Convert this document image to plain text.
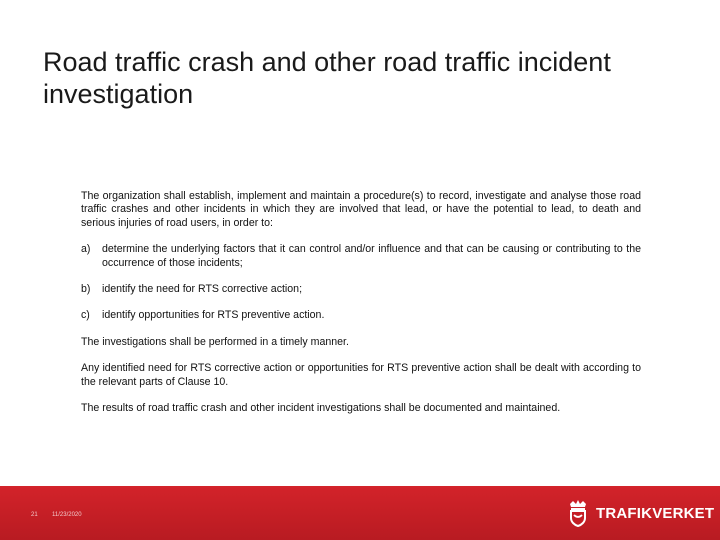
Road traffic crash and other road traffic incident investigation

The organization shall establish, implement and maintain a procedure(s) to record, investigate and analyse those road traffic crashes and other incidents in which they are involved that lead, or have the potential to lead, to death and serious injuries of road users, in order to:

a)	determine the underlying factors that it can control and/or influence and that can be causing or contributing to the occurrence of those incidents;
b)	identify the need for RTS corrective action;
c)	identify opportunities for RTS preventive action.

The investigations shall be performed in a timely manner.

Any identified need for RTS corrective action or opportunities for RTS preventive action shall be dealt with according to the relevant parts of Clause 10.

The results of road traffic crash and other incident investigations shall be documented and maintained.

21 11/23/2020	TRAFIKVERKET
